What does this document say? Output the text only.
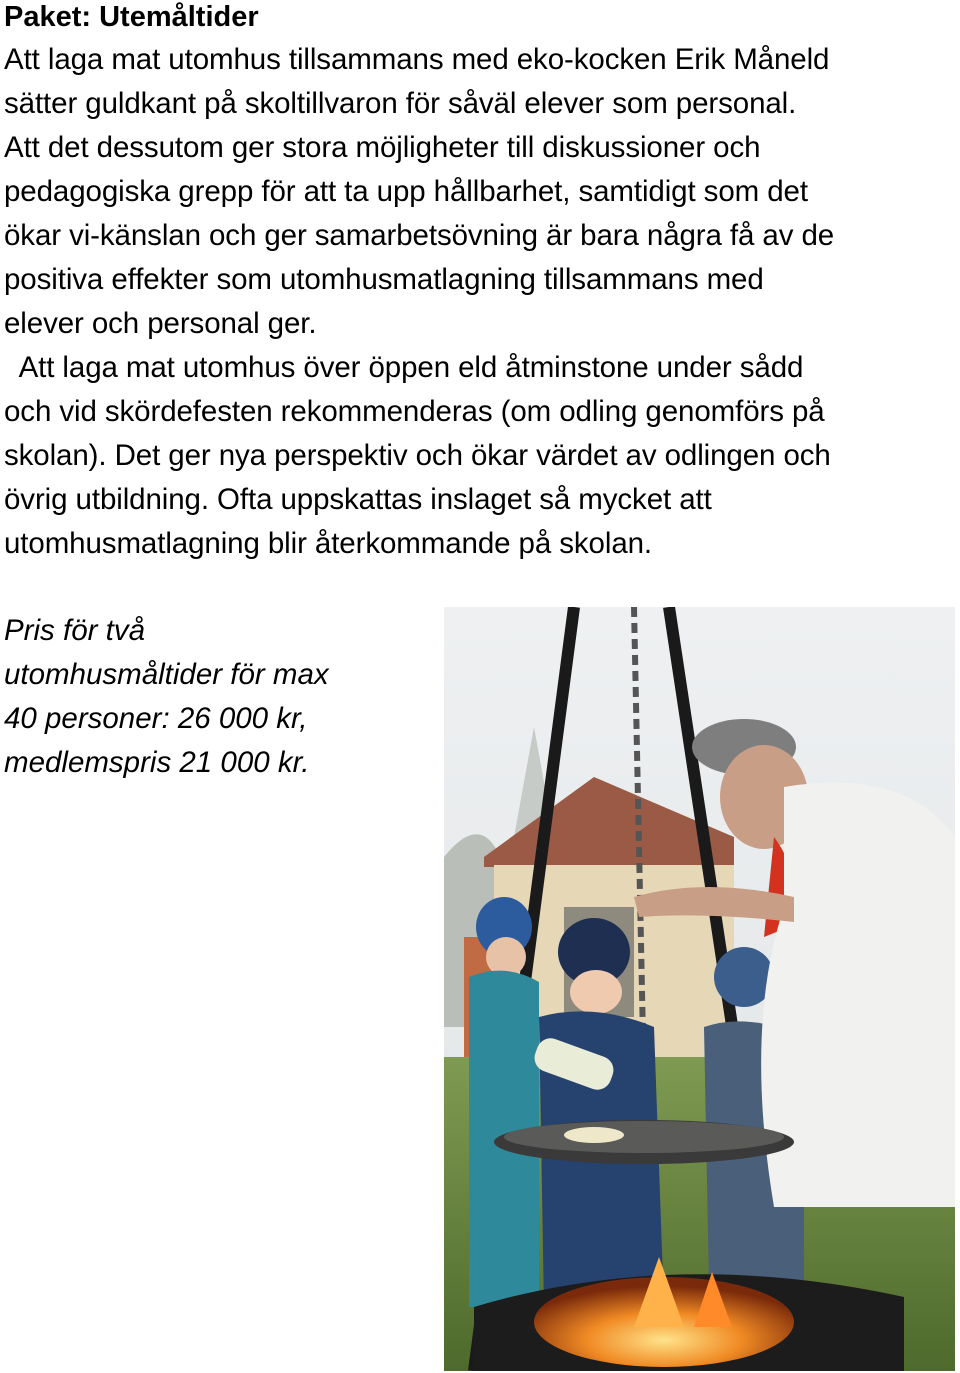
Paket: Utemåltider
Att laga mat utomhus tillsammans med eko-kocken Erik Måneld
sätter guldkant på skoltillvaron för såväl elever som personal.
Att det dessutom ger stora möjligheter till diskussioner och
pedagogiska grepp för att ta upp hållbarhet, samtidigt som det
ökar vi-känslan och ger samarbetsövning är bara några få av de
positiva effekter som utomhusmatlagning tillsammans med
elever och personal ger.
Att laga mat utomhus över öppen eld åtminstone under sådd
och vid skördefesten rekommenderas (om odling genomförs på
skolan). Det ger nya perspektiv och ökar värdet av odlingen och
övrig utbildning. Ofta uppskattas inslaget så mycket att
utomhusmatlagning blir återkommande på skolan.
Pris för två
utomhusmåltider för max
40 personer: 26 000 kr,
medlemspris 21 000 kr.
